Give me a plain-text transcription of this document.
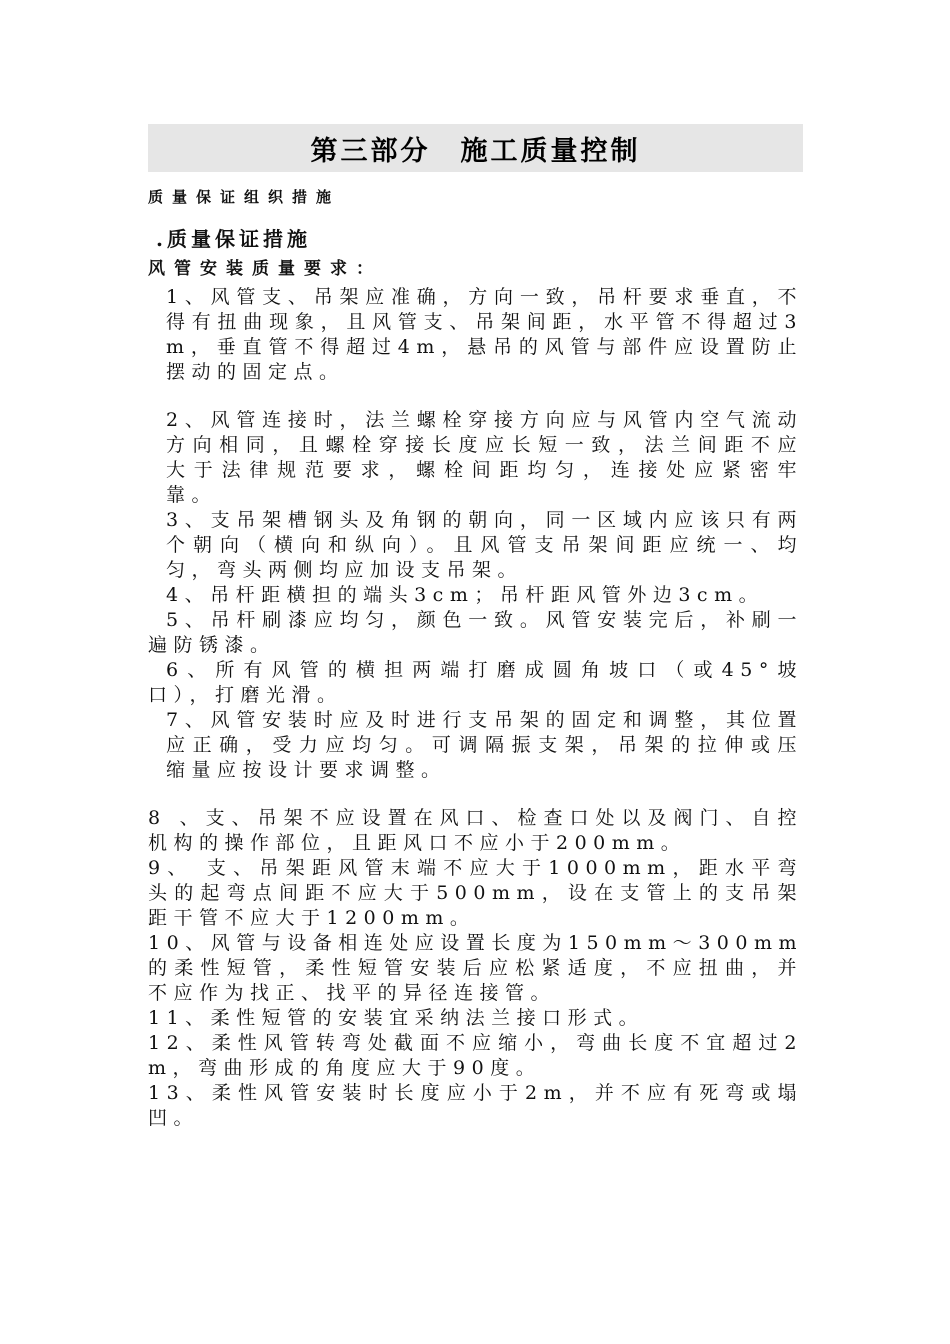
第三部分　施工质量控制
质量保证组织措施
.质量保证措施
风管安装质量要求：
1、风管支、吊架应准确，方向一致，吊杆要求垂直，不得有扭曲现象，且风管支、吊架间距，水平管不得超过3m，垂直管不得超过4m，悬吊的风管与部件应设置防止摆动的固定点。
2、风管连接时，法兰螺栓穿接方向应与风管内空气流动方向相同，且螺栓穿接长度应长短一致，法兰间距不应大于法律规范要求，螺栓间距均匀，连接处应紧密牢靠。
3、支吊架槽钢头及角钢的朝向，同一区域内应该只有两个朝向（横向和纵向）。且风管支吊架间距应统一、均匀，弯头两侧均应加设支吊架。
4、吊杆距横担的端头3cm；吊杆距风管外边3cm。
5、吊杆刷漆应均匀，颜色一致。风管安装完后，补刷一遍防锈漆。
6、所有风管的横担两端打磨成圆角坡口（或45°坡口），打磨光滑。
7、风管安装时应及时进行支吊架的固定和调整，其位置应正确，受力应均匀。可调隔振支架，吊架的拉伸或压缩量应按设计要求调整。
8 、支、吊架不应设置在风口、检查口处以及阀门、自控机构的操作部位，且距风口不应小于200mm。
9、 支、吊架距风管末端不应大于1000mm，距水平弯头的起弯点间距不应大于500mm，设在支管上的支吊架距干管不应大于1200mm。
10、风管与设备相连处应设置长度为150mm～300mm的柔性短管，柔性短管安装后应松紧适度，不应扭曲，并不应作为找正、找平的异径连接管。
11、柔性短管的安装宜采纳法兰接口形式。
12、柔性风管转弯处截面不应缩小，弯曲长度不宜超过2m，弯曲形成的角度应大于90度。
13、柔性风管安装时长度应小于2m，并不应有死弯或塌凹。
